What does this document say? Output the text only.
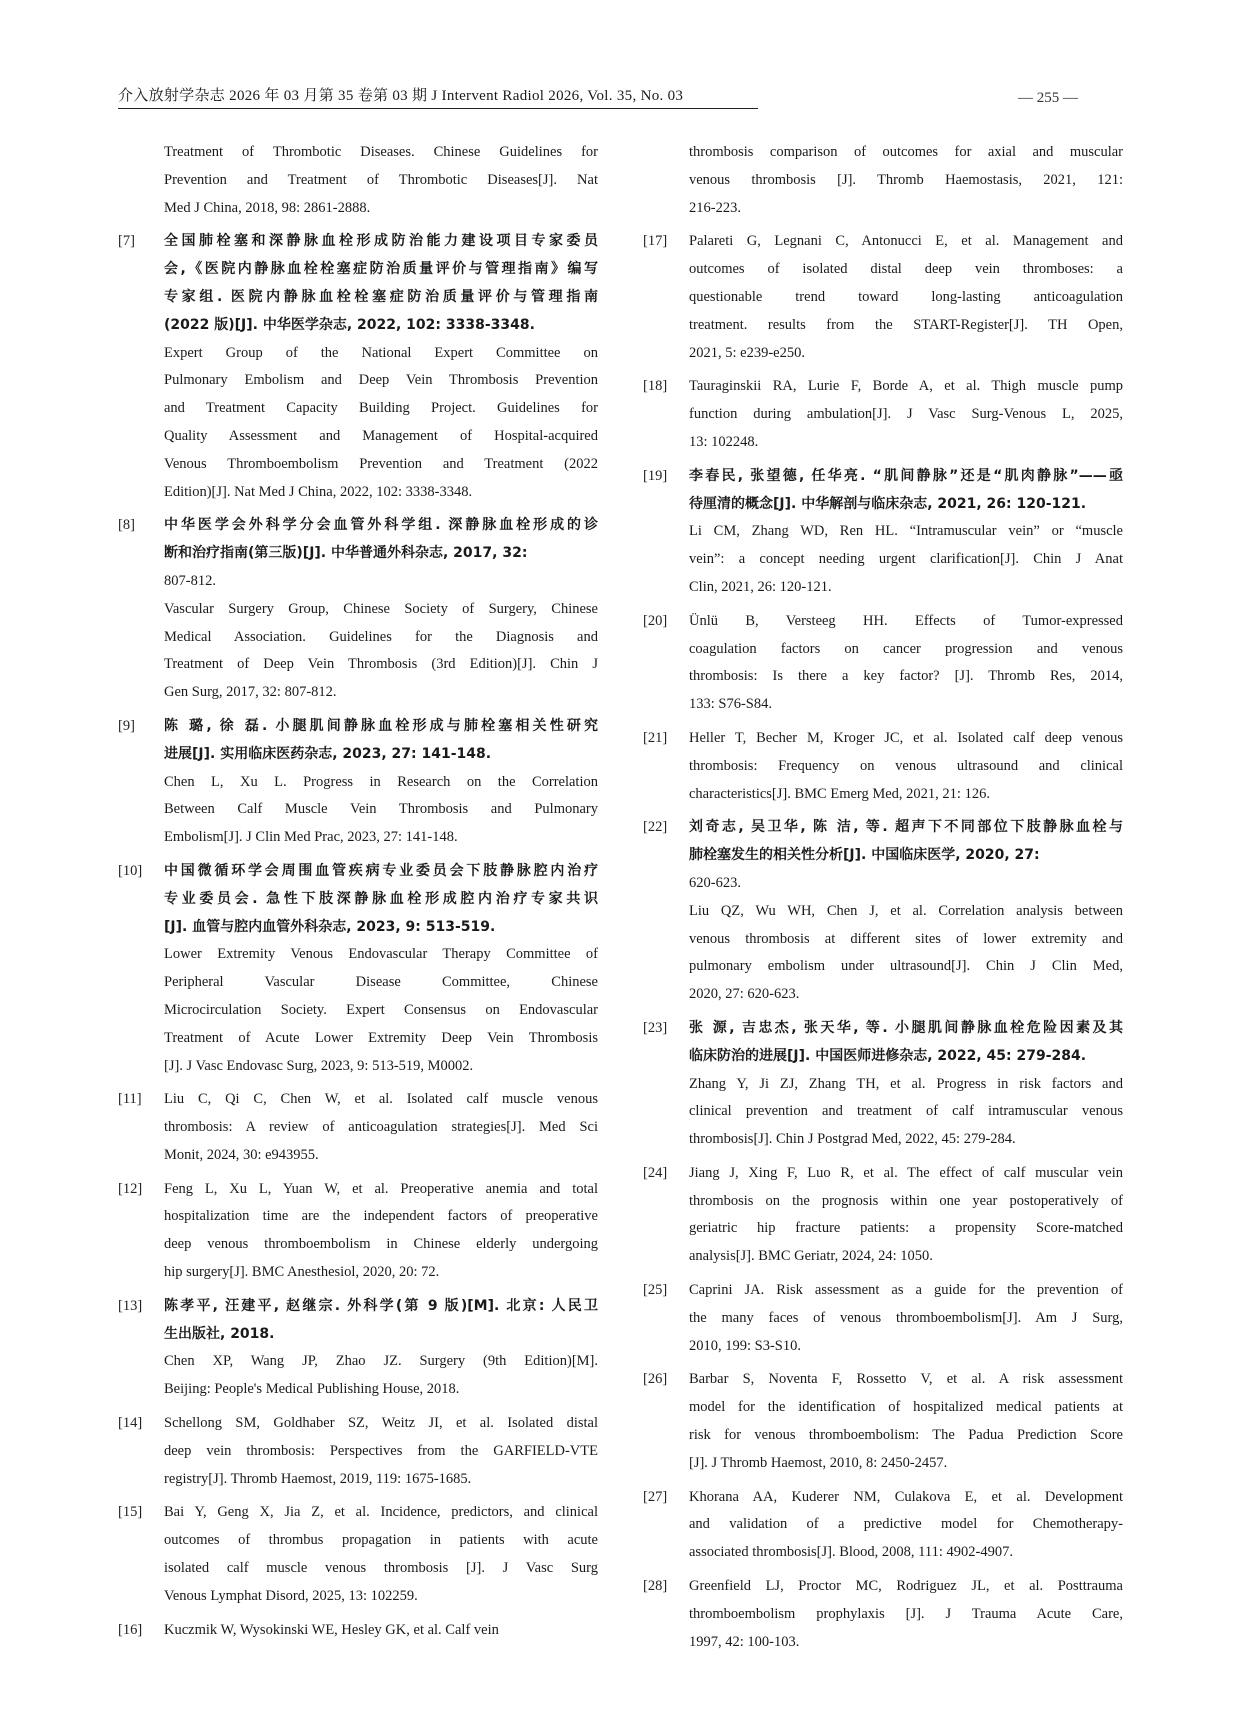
介入放射学杂志 2026 年 03 月第 35 卷第 03 期 J Intervent Radiol 2026, Vol. 35, No. 03	— 255 —
Treatment of Thrombotic Diseases. Chinese Guidelines for
Prevention and Treatment of Thrombotic Diseases[J]. Nat
Med J China, 2018, 98: 2861-2888.
[7] 全国肺栓塞和深静脉血栓形成防治能力建设项目专家委员
会,《医院内静脉血栓栓塞症防治质量评价与管理指南》编写
专家组. 医院内静脉血栓栓塞症防治质量评价与管理指南
(2022 版)[J]. 中华医学杂志, 2022, 102: 3338-3348.
Expert Group of the National Expert Committee on
Pulmonary Embolism and Deep Vein Thrombosis Prevention
and Treatment Capacity Building Project. Guidelines for
Quality Assessment and Management of Hospital-acquired
Venous Thromboembolism Prevention and Treatment (2022
Edition)[J]. Nat Med J China, 2022, 102: 3338-3348.
[8] 中华医学会外科学分会血管外科学组. 深静脉血栓形成的诊
断和治疗指南(第三版)[J]. 中华普通外科杂志, 2017, 32:
807-812.
Vascular Surgery Group, Chinese Society of Surgery, Chinese
Medical Association. Guidelines for the Diagnosis and
Treatment of Deep Vein Thrombosis (3rd Edition)[J]. Chin J
Gen Surg, 2017, 32: 807-812.
[9] 陈 璐, 徐 磊. 小腿肌间静脉血栓形成与肺栓塞相关性研究
进展[J]. 实用临床医药杂志, 2023, 27: 141-148.
Chen L, Xu L. Progress in Research on the Correlation
Between Calf Muscle Vein Thrombosis and Pulmonary
Embolism[J]. J Clin Med Prac, 2023, 27: 141-148.
[10] 中国微循环学会周围血管疾病专业委员会下肢静脉腔内治疗
专业委员会. 急性下肢深静脉血栓形成腔内治疗专家共识
[J]. 血管与腔内血管外科杂志, 2023, 9: 513-519.
Lower Extremity Venous Endovascular Therapy Committee of
Peripheral Vascular Disease Committee, Chinese
Microcirculation Society. Expert Consensus on Endovascular
Treatment of Acute Lower Extremity Deep Vein Thrombosis
[J]. J Vasc Endovasc Surg, 2023, 9: 513-519, M0002.
[11] Liu C, Qi C, Chen W, et al. Isolated calf muscle venous
thrombosis: A review of anticoagulation strategies[J]. Med Sci
Monit, 2024, 30: e943955.
[12] Feng L, Xu L, Yuan W, et al. Preoperative anemia and total
hospitalization time are the independent factors of preoperative
deep venous thromboembolism in Chinese elderly undergoing
hip surgery[J]. BMC Anesthesiol, 2020, 20: 72.
[13] 陈孝平, 汪建平, 赵继宗. 外科学(第 9 版)[M]. 北京: 人民卫
生出版社, 2018.
Chen XP, Wang JP, Zhao JZ. Surgery (9th Edition)[M].
Beijing: People's Medical Publishing House, 2018.
[14] Schellong SM, Goldhaber SZ, Weitz JI, et al. Isolated distal
deep vein thrombosis: Perspectives from the GARFIELD-VTE
registry[J]. Thromb Haemost, 2019, 119: 1675-1685.
[15] Bai Y, Geng X, Jia Z, et al. Incidence, predictors, and clinical
outcomes of thrombus propagation in patients with acute
isolated calf muscle venous thrombosis [J]. J Vasc Surg
Venous Lymphat Disord, 2025, 13: 102259.
[16] Kuczmik W, Wysokinski WE, Hesley GK, et al. Calf vein
thrombosis comparison of outcomes for axial and muscular
venous thrombosis [J]. Thromb Haemostasis, 2021, 121:
216-223.
[17] Palareti G, Legnani C, Antonucci E, et al. Management and
outcomes of isolated distal deep vein thromboses: a
questionable trend toward long-lasting anticoagulation
treatment. results from the START-Register[J]. TH Open,
2021, 5: e239-e250.
[18] Tauraginskii RA, Lurie F, Borde A, et al. Thigh muscle pump
function during ambulation[J]. J Vasc Surg-Venous L, 2025,
13: 102248.
[19] 李春民, 张望德, 任华亮. “肌间静脉”还是“肌肉静脉”——亟
待厘清的概念[J]. 中华解剖与临床杂志, 2021, 26: 120-121.
Li CM, Zhang WD, Ren HL. “Intramuscular vein” or “muscle
vein”: a concept needing urgent clarification[J]. Chin J Anat
Clin, 2021, 26: 120-121.
[20] Ünlü B, Versteeg HH. Effects of Tumor-expressed
coagulation factors on cancer progression and venous
thrombosis: Is there a key factor? [J]. Thromb Res, 2014,
133: S76-S84.
[21] Heller T, Becher M, Kroger JC, et al. Isolated calf deep venous
thrombosis: Frequency on venous ultrasound and clinical
characteristics[J]. BMC Emerg Med, 2021, 21: 126.
[22] 刘奇志, 吴卫华, 陈 洁, 等. 超声下不同部位下肢静脉血栓与
肺栓塞发生的相关性分析[J]. 中国临床医学, 2020, 27:
620-623.
Liu QZ, Wu WH, Chen J, et al. Correlation analysis between
venous thrombosis at different sites of lower extremity and
pulmonary embolism under ultrasound[J]. Chin J Clin Med,
2020, 27: 620-623.
[23] 张 源, 吉忠杰, 张天华, 等. 小腿肌间静脉血栓危险因素及其
临床防治的进展[J]. 中国医师进修杂志, 2022, 45: 279-284.
Zhang Y, Ji ZJ, Zhang TH, et al. Progress in risk factors and
clinical prevention and treatment of calf intramuscular venous
thrombosis[J]. Chin J Postgrad Med, 2022, 45: 279-284.
[24] Jiang J, Xing F, Luo R, et al. The effect of calf muscular vein
thrombosis on the prognosis within one year postoperatively of
geriatric hip fracture patients: a propensity Score-matched
analysis[J]. BMC Geriatr, 2024, 24: 1050.
[25] Caprini JA. Risk assessment as a guide for the prevention of
the many faces of venous thromboembolism[J]. Am J Surg,
2010, 199: S3-S10.
[26] Barbar S, Noventa F, Rossetto V, et al. A risk assessment
model for the identification of hospitalized medical patients at
risk for venous thromboembolism: The Padua Prediction Score
[J]. J Thromb Haemost, 2010, 8: 2450-2457.
[27] Khorana AA, Kuderer NM, Culakova E, et al. Development
and validation of a predictive model for Chemotherapy-
associated thrombosis[J]. Blood, 2008, 111: 4902-4907.
[28] Greenfield LJ, Proctor MC, Rodriguez JL, et al. Posttrauma
thromboembolism prophylaxis [J]. J Trauma Acute Care,
1997, 42: 100-103.
